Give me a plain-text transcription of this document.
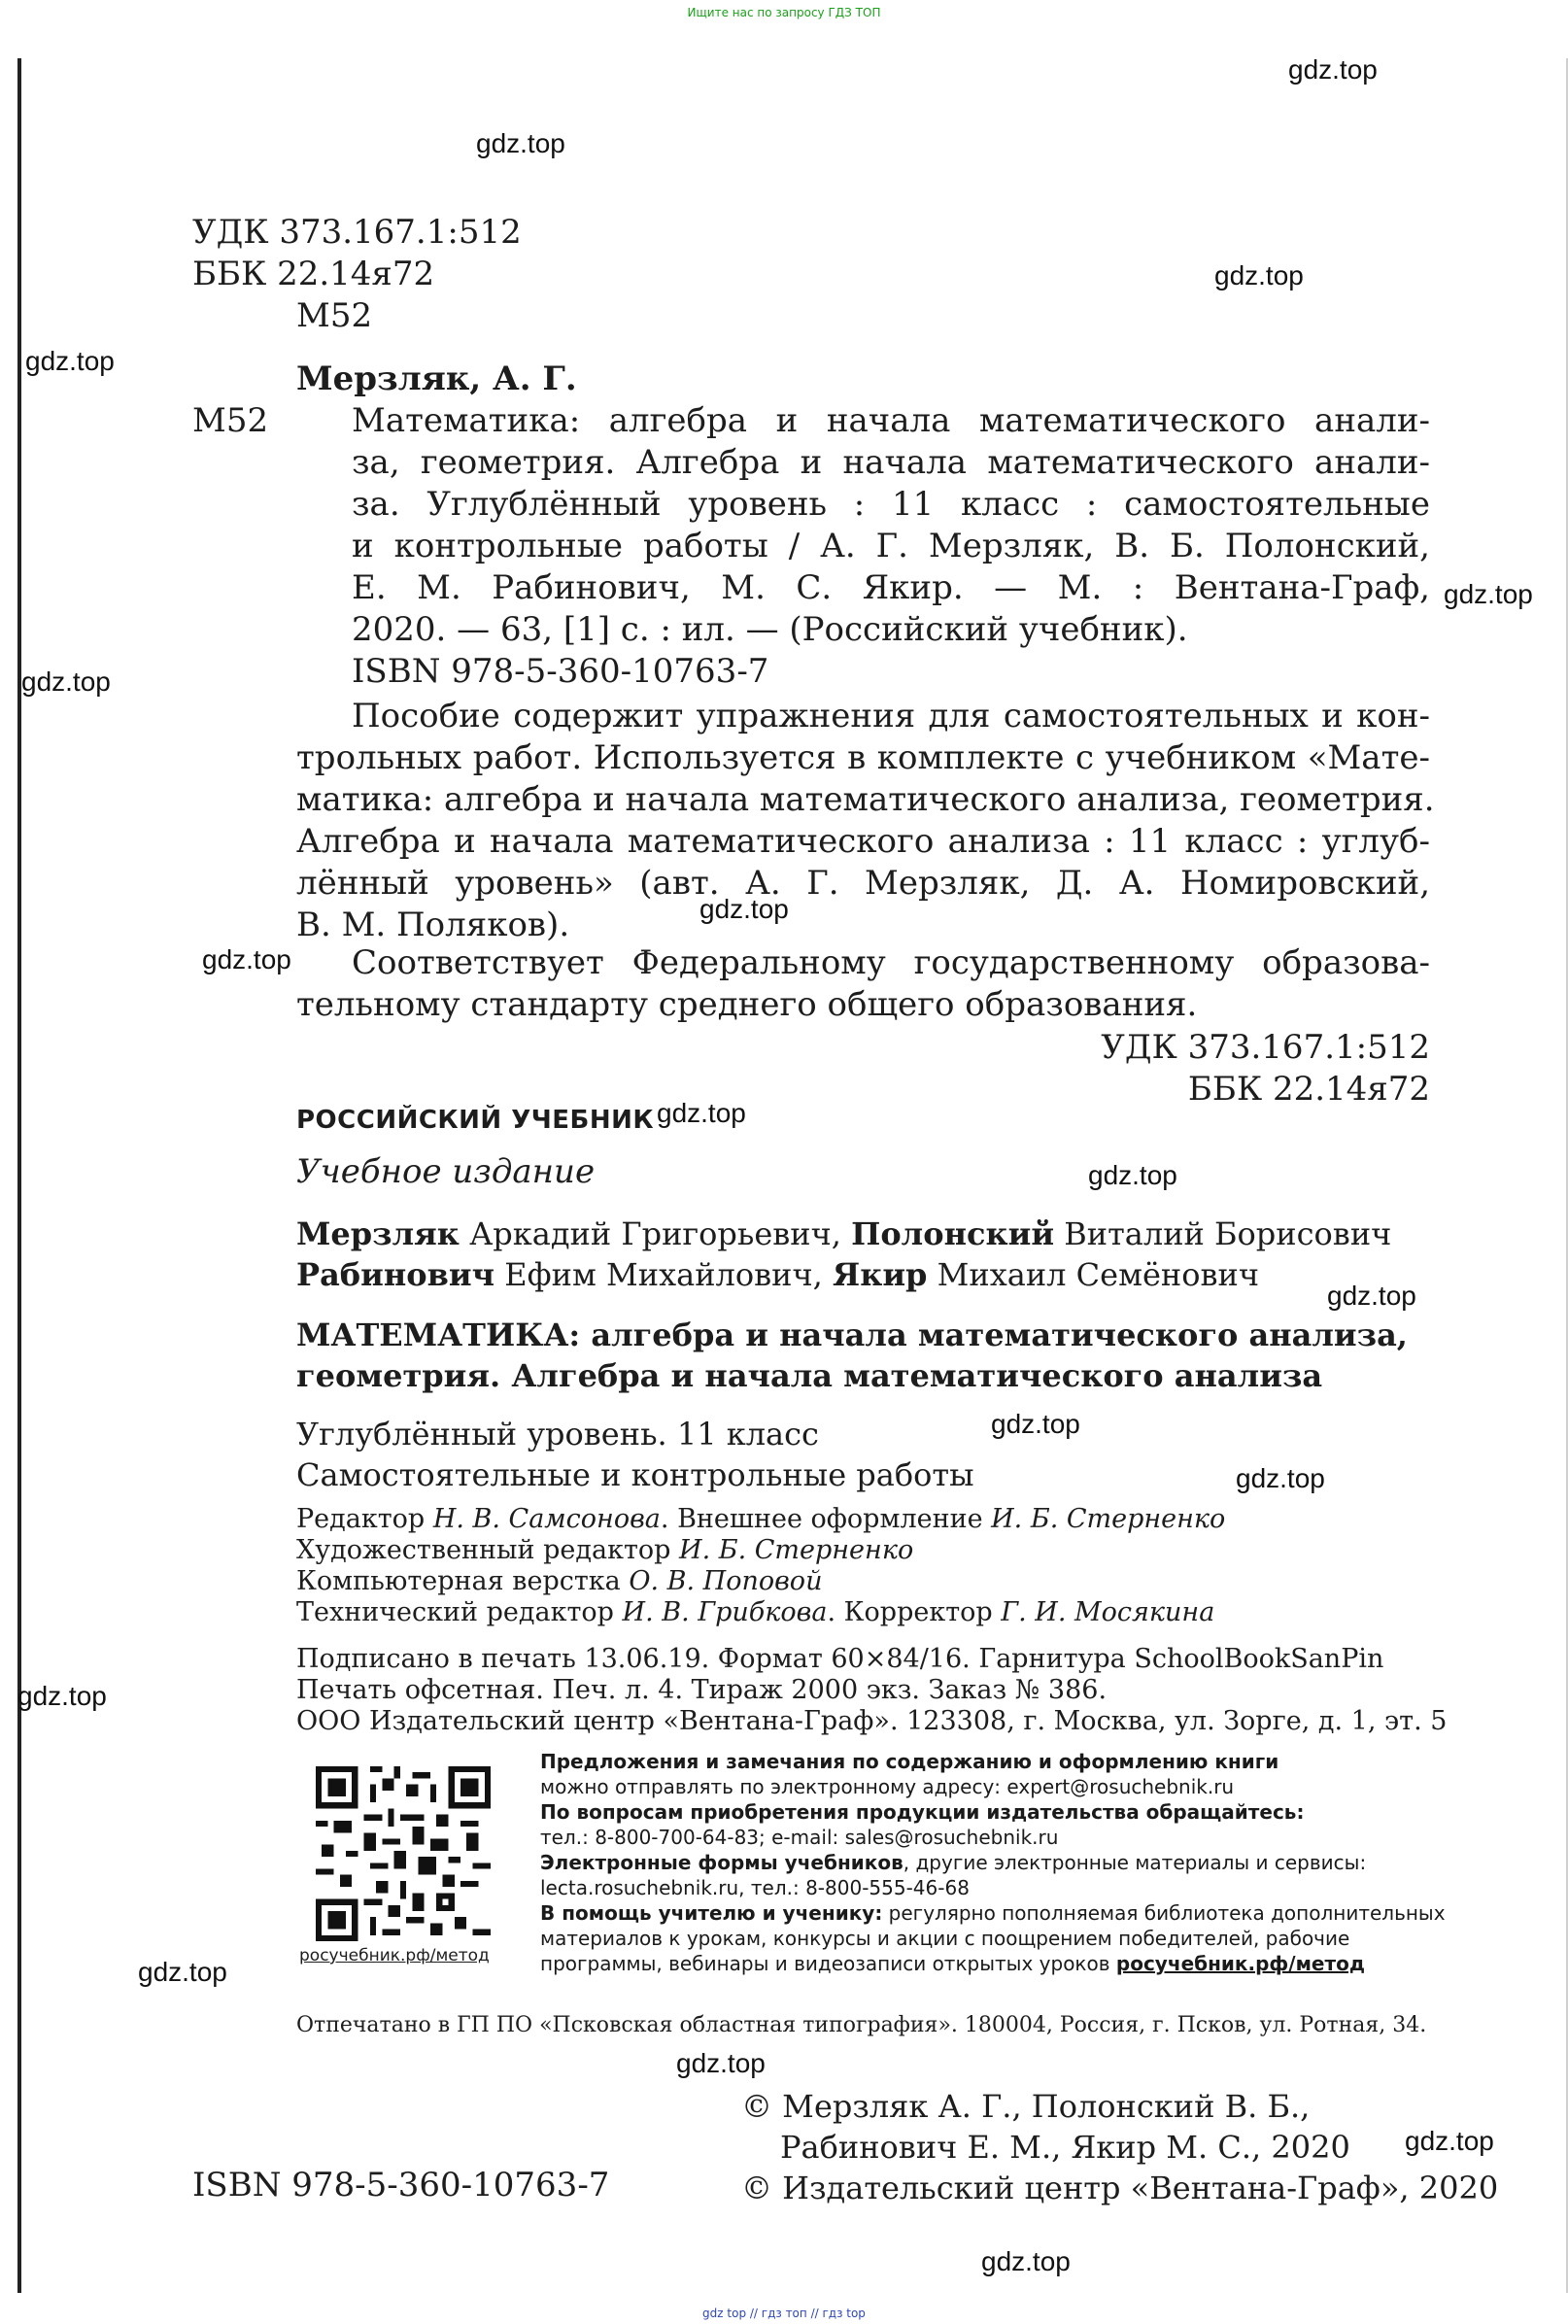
Ищите нас по запросу ГДЗ ТОП
gdz.top
gdz.top
gdz.top
gdz.top
gdz.top
gdz.top
gdz.top
gdz.top
gdz.top
gdz.top
gdz.top
gdz.top
gdz.top
gdz.top
gdz.top
gdz.top
gdz.top
gdz.top
УДК 373.167.1:512
ББК 22.14я72
М52
Мерзляк, А. Г.
М52	Математика: алгебра и начала математического анали-
за, геометрия. Алгебра и начала математического анали-
за. Углублённый уровень : 11 класс : самостоятельные
и контрольные работы / А. Г. Мерзляк, В. Б. Полонский,
Е. М. Рабинович, М. С. Якир. — М. : Вентана-Граф,
2020. — 63, [1] с. : ил. — (Российский учебник).
ISBN 978-5-360-10763-7
Пособие содержит упражнения для самостоятельных и кон-
трольных работ. Используется в комплекте с учебником «Мате-
матика: алгебра и начала математического анализа, геометрия.
Алгебра и начала математического анализа : 11 класс : углуб-
лённый уровень» (авт. А. Г. Мерзляк, Д. А. Номировский,
В. М. Поляков).
Соответствует Федеральному государственному образова-
тельному стандарту среднего общего образования.
УДК 373.167.1:512
ББК 22.14я72
РОССИЙСКИЙ УЧЕБНИК
Учебное издание
Мерзляк Аркадий Григорьевич, Полонский Виталий Борисович
Рабинович Ефим Михайлович, Якир Михаил Семёнович
МАТЕМАТИКА: алгебра и начала математического анализа,
геометрия. Алгебра и начала математического анализа
Углублённый уровень. 11 класс
Самостоятельные и контрольные работы
Редактор Н. В. Самсонова. Внешнее оформление И. Б. Стерненко
Художественный редактор И. Б. Стерненко
Компьютерная верстка О. В. Поповой
Технический редактор И. В. Грибкова. Корректор Г. И. Мосякина
Подписано в печать 13.06.19. Формат 60×84/16. Гарнитура SchoolBookSanPin
Печать офсетная. Печ. л. 4. Тираж 2000 экз. Заказ № 386.
ООО Издательский центр «Вентана-Граф». 123308, г. Москва, ул. Зорге, д. 1, эт. 5
росучебник.рф/метод
Предложения и замечания по содержанию и оформлению книги
можно отправлять по электронному адресу: expert@rosuchebnik.ru
По вопросам приобретения продукции издательства обращайтесь:
тел.: 8-800-700-64-83; e-mail: sales@rosuchebnik.ru
Электронные формы учебников, другие электронные материалы и сервисы:
lecta.rosuchebnik.ru, тел.: 8-800-555-46-68
В помощь учителю и ученику: регулярно пополняемая библиотека дополнительных
материалов к урокам, конкурсы и акции с поощрением победителей, рабочие
программы, вебинары и видеозаписи открытых уроков росучебник.рф/метод
Отпечатано в ГП ПО «Псковская областная типография». 180004, Россия, г. Псков, ул. Ротная, 34.
© Мерзляк А. Г., Полонский В. Б.,
Рабинович Е. М., Якир М. С., 2020
© Издательский центр «Вентана-Граф», 2020
ISBN 978-5-360-10763-7
gdz top // гдз топ // гдз top
